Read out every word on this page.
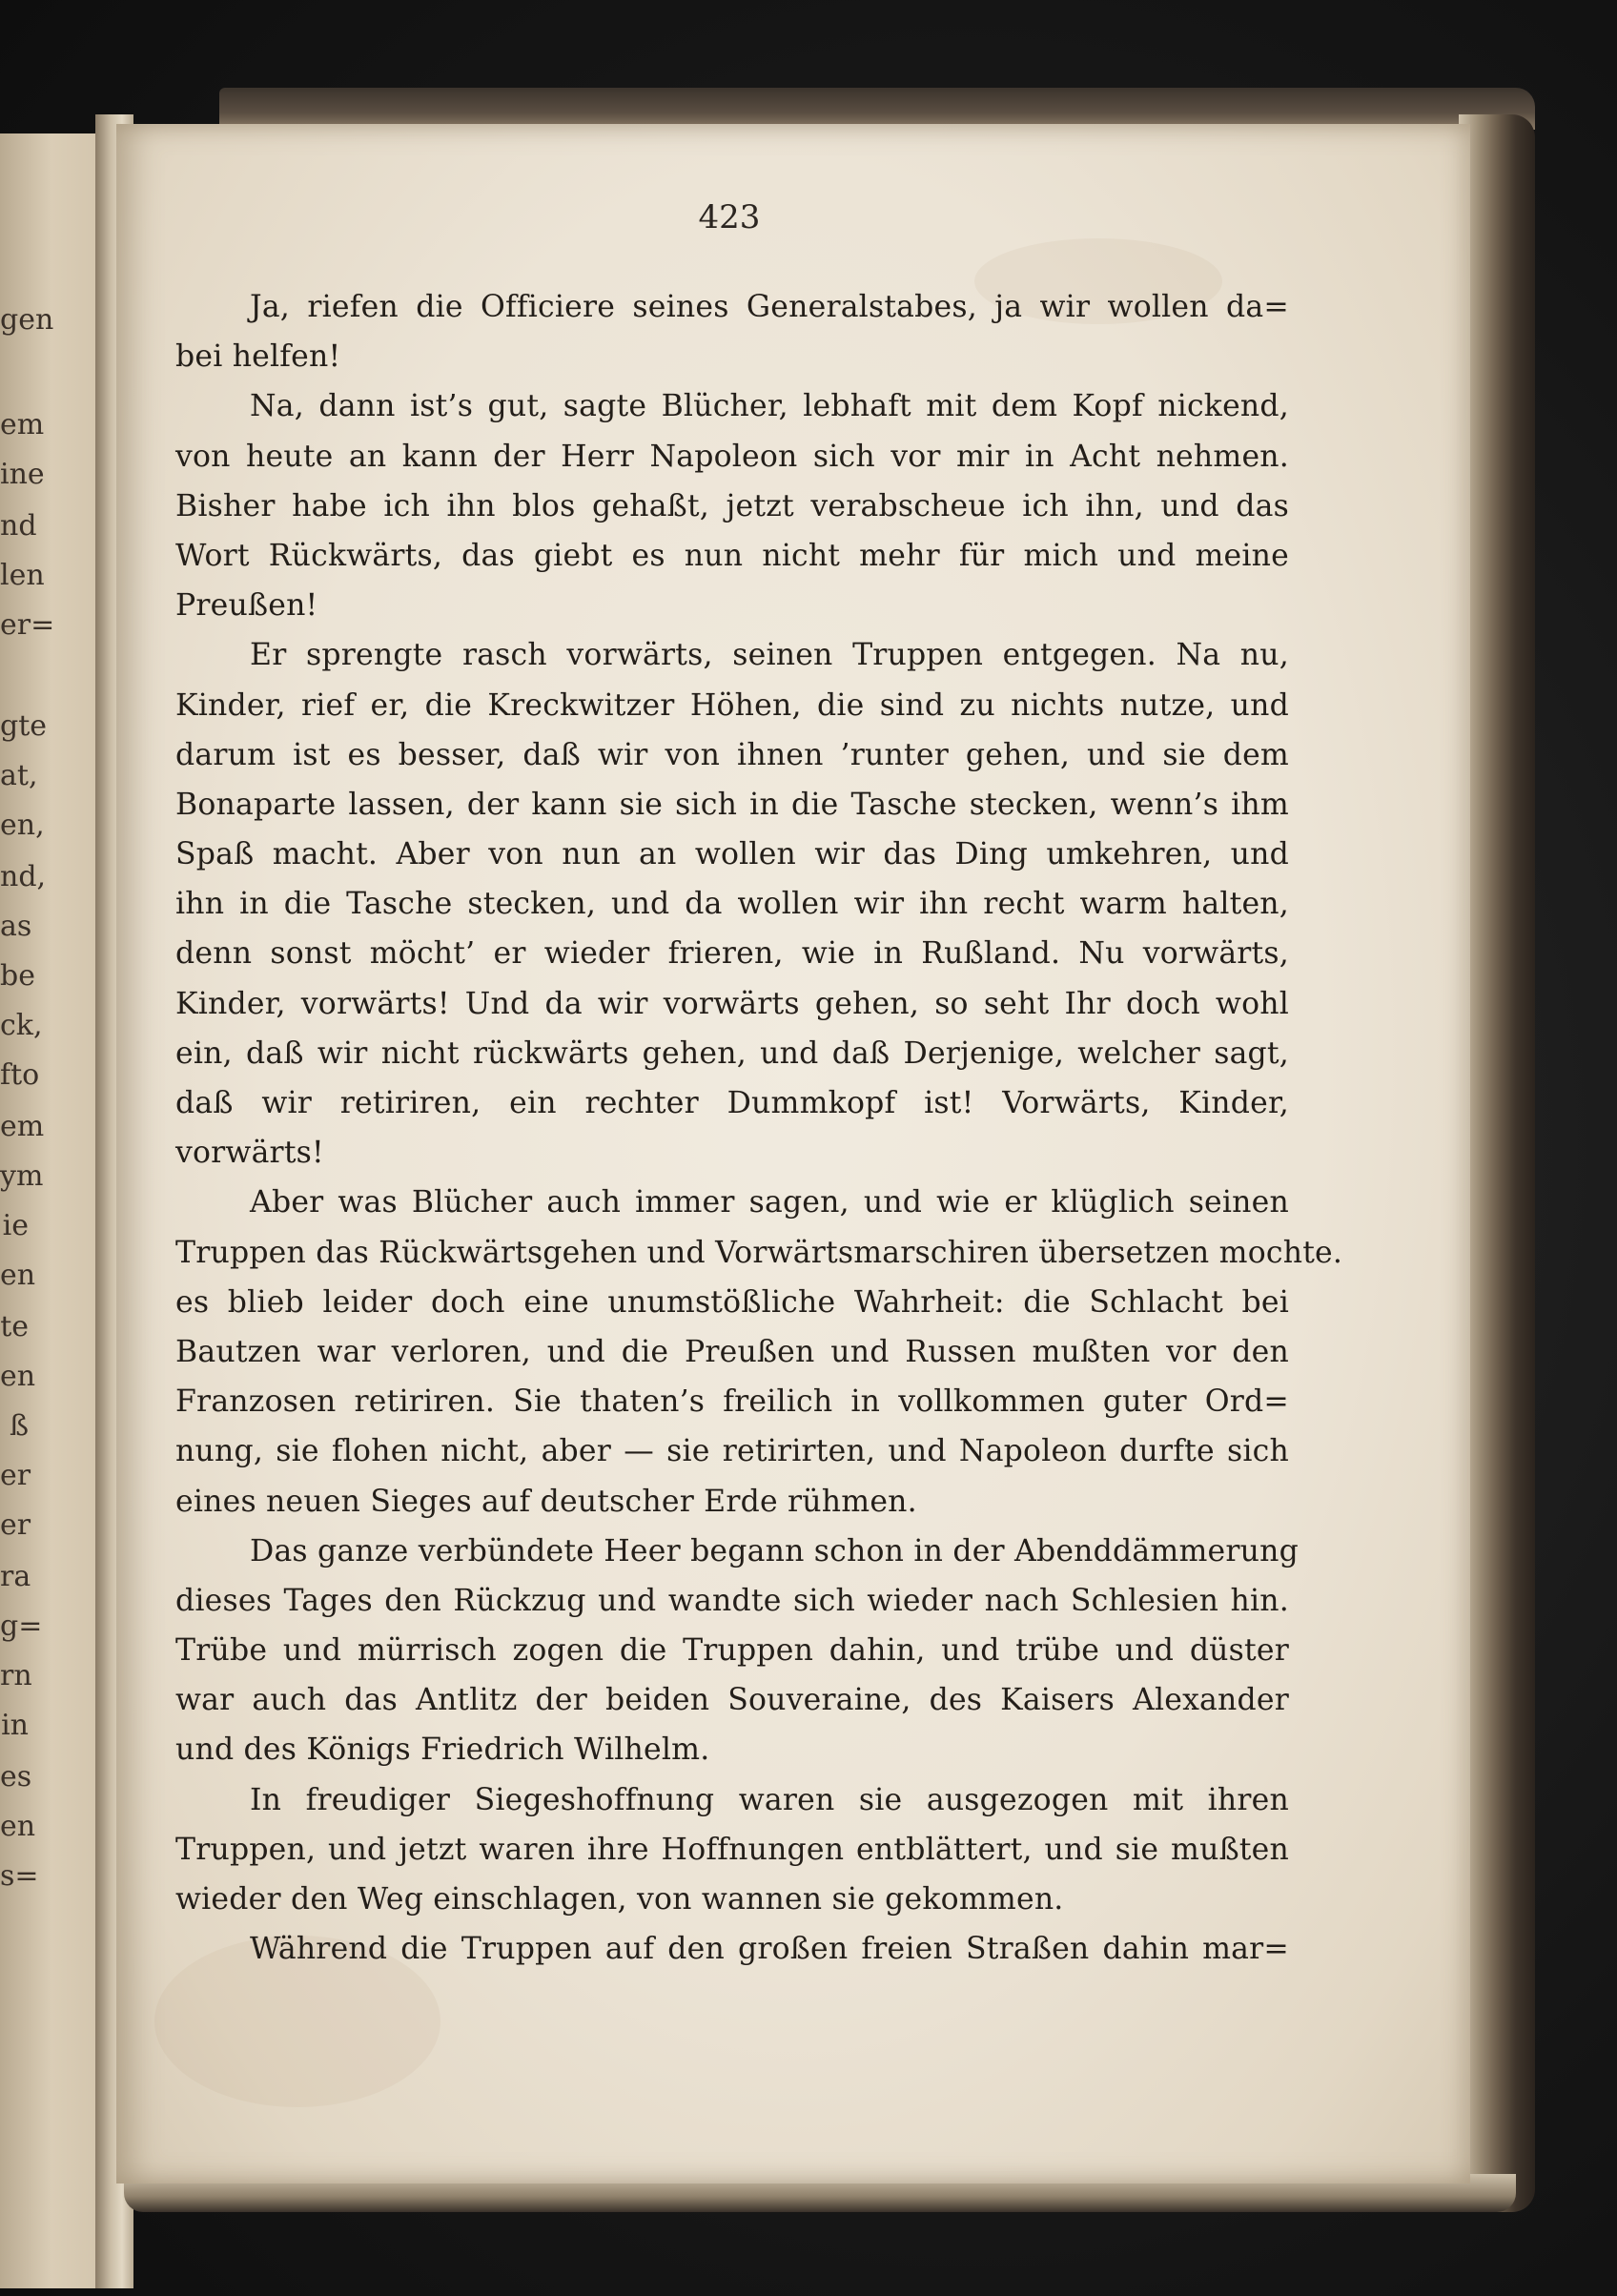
gen
em
ine
nd
len
er=
gte
at,
en,
nd,
as
be
ck,
fto
em
ym
ie
en
te
en
ß
er
er
ra
g=
rn
in
es
en
s=
423
Ja, riefen die Officiere seines Generalstabes, ja wir wollen da=
bei helfen!
Na, dann ist’s gut, sagte Blücher, lebhaft mit dem Kopf nickend,
von heute an kann der Herr Napoleon sich vor mir in Acht nehmen.
Bisher habe ich ihn blos gehaßt, jetzt verabscheue ich ihn, und das
Wort Rückwärts, das giebt es nun nicht mehr für mich und meine
Preußen!
Er sprengte rasch vorwärts, seinen Truppen entgegen. Na nu,
Kinder, rief er, die Kreckwitzer Höhen, die sind zu nichts nutze, und
darum ist es besser, daß wir von ihnen ’runter gehen, und sie dem
Bonaparte lassen, der kann sie sich in die Tasche stecken, wenn’s ihm
Spaß macht. Aber von nun an wollen wir das Ding umkehren, und
ihn in die Tasche stecken, und da wollen wir ihn recht warm halten,
denn sonst möcht’ er wieder frieren, wie in Rußland. Nu vorwärts,
Kinder, vorwärts! Und da wir vorwärts gehen, so seht Ihr doch wohl
ein, daß wir nicht rückwärts gehen, und daß Derjenige, welcher sagt,
daß wir retiriren, ein rechter Dummkopf ist! Vorwärts, Kinder,
vorwärts!
Aber was Blücher auch immer sagen, und wie er klüglich seinen
Truppen das Rückwärtsgehen und Vorwärtsmarschiren übersetzen mochte.
es blieb leider doch eine unumstößliche Wahrheit: die Schlacht bei
Bautzen war verloren, und die Preußen und Russen mußten vor den
Franzosen retiriren. Sie thaten’s freilich in vollkommen guter Ord=
nung, sie flohen nicht, aber — sie retirirten, und Napoleon durfte sich
eines neuen Sieges auf deutscher Erde rühmen.
Das ganze verbündete Heer begann schon in der Abenddämmerung
dieses Tages den Rückzug und wandte sich wieder nach Schlesien hin.
Trübe und mürrisch zogen die Truppen dahin, und trübe und düster
war auch das Antlitz der beiden Souveraine, des Kaisers Alexander
und des Königs Friedrich Wilhelm.
In freudiger Siegeshoffnung waren sie ausgezogen mit ihren
Truppen, und jetzt waren ihre Hoffnungen entblättert, und sie mußten
wieder den Weg einschlagen, von wannen sie gekommen.
Während die Truppen auf den großen freien Straßen dahin mar=
